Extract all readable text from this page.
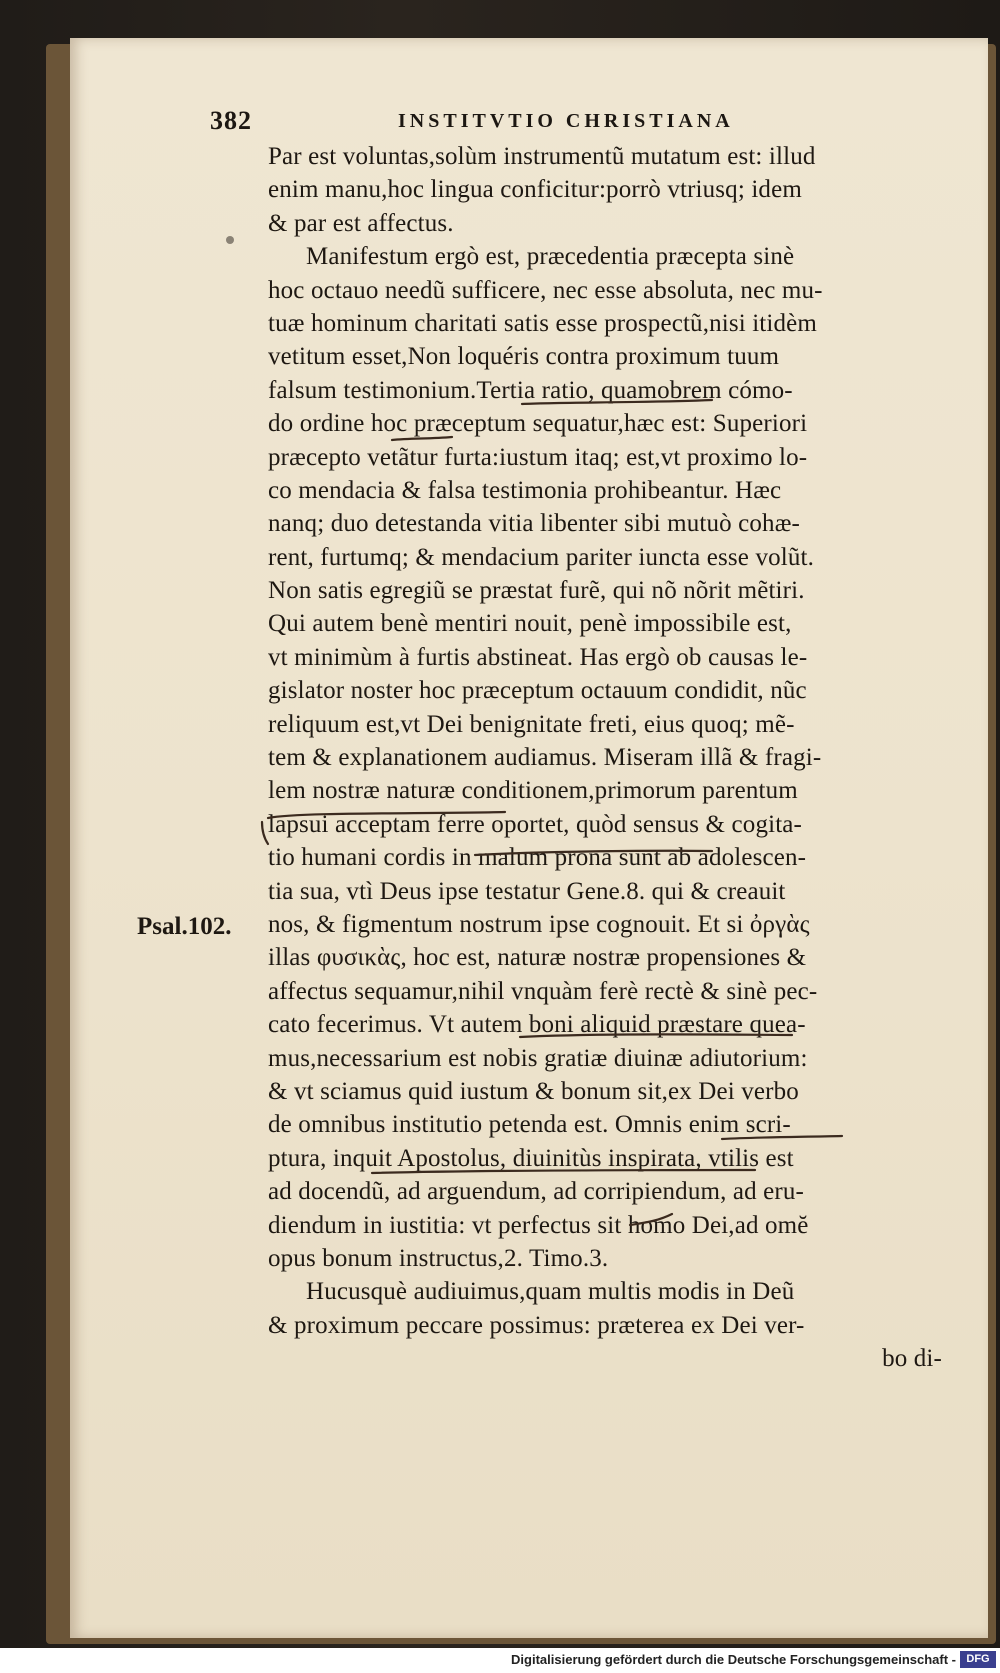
382	INSTITVTIO CHRISTIANA
Psal.102.
Par est voluntas,solùm instrumentũ mutatum est: illud
enim manu,hoc lingua conficitur:porrò vtriusq; idem
& par est affectus.
Manifestum ergò est, præcedentia præcepta sinè
hoc octauo needũ sufficere, nec esse absoluta, nec mu-
tuæ hominum charitati satis esse prospectũ,nisi itidèm
vetitum esset,Non loquéris contra proximum tuum
falsum testimonium.Tertia ratio, quamobrem cómo-
do ordine hoc præceptum sequatur,hæc est: Superiori
præcepto vetãtur furta:iustum itaq; est,vt proximo lo-
co mendacia & falsa testimonia prohibeantur. Hæc
nanq; duo detestanda vitia libenter sibi mutuò cohæ-
rent, furtumq; & mendacium pariter iuncta esse volũt.
Non satis egregiũ se præstat furẽ, qui nõ nõrit mẽtiri.
Qui autem benè mentiri nouit, penè impossibile est,
vt minimùm à furtis abstineat. Has ergò ob causas le-
gislator noster hoc præceptum octauum condidit, nũc
reliquum est,vt Dei benignitate freti, eius quoq; mẽ-
tem & explanationem audiamus. Miseram illã & fragi-
lem nostræ naturæ conditionem,primorum parentum
lapsui acceptam ferre oportet, quòd sensus & cogita-
tio humani cordis in malum prona sunt ab adolescen-
tia sua, vtì Deus ipse testatur Gene.8. qui & creauit
nos, & figmentum nostrum ipse cognouit. Et si ὀργὰς
illas φυσικὰς, hoc est, naturæ nostræ propensiones &
affectus sequamur,nihil vnquàm ferè rectè & sinè pec-
cato fecerimus. Vt autem boni aliquid præstare quea-
mus,necessarium est nobis gratiæ diuinæ adiutorium:
& vt sciamus quid iustum & bonum sit,ex Dei verbo
de omnibus institutio petenda est. Omnis enim scri-
ptura, inquit Apostolus, diuinitùs inspirata, vtilis est
ad docendũ, ad arguendum, ad corripiendum, ad eru-
diendum in iustitia: vt perfectus sit homo Dei,ad omĕ
opus bonum instructus,2. Timo.3.
Hucusquè audiuimus,quam multis modis in Deũ
& proximum peccare possimus: præterea ex Dei ver-
bo di-
Digitalisierung gefördert durch die Deutsche Forschungsgemeinschaft - DFG
